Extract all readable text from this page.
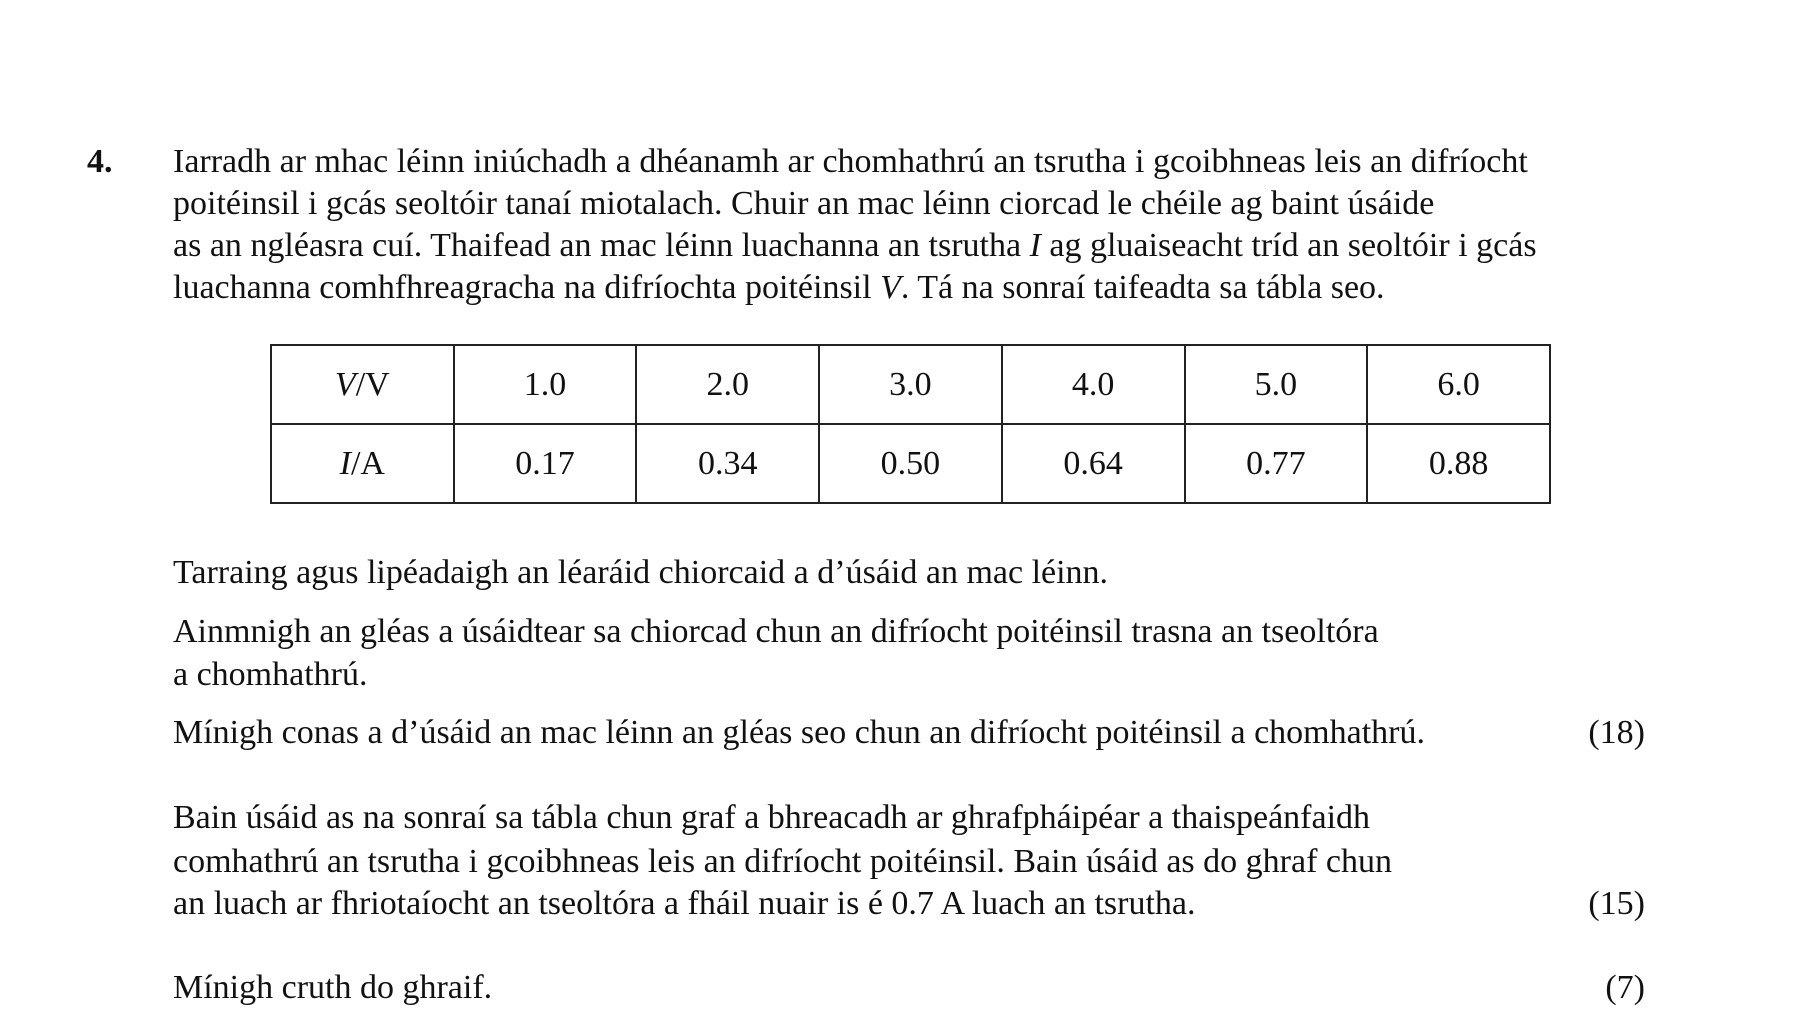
4. Iarradh ar mhac léinn iniúchadh a dhéanamh ar chomhathrú an tsrutha i gcoibhneas leis an difríocht
poitéinsil i gcás seoltóir tanaí miotalach. Chuir an mac léinn ciorcad le chéile ag baint úsáide
as an ngléasra cuí. Thaifead an mac léinn luachanna an tsrutha I ag gluaiseacht tríd an seoltóir i gcás
luachanna comhfhreagracha na difríochta poitéinsil V. Tá na sonraí taifeadta sa tábla seo.
V/V	1.0	2.0	3.0	4.0	5.0	6.0
I/A	0.17	0.34	0.50	0.64	0.77	0.88
Tarraing agus lipéadaigh an léaráid chiorcaid a d’úsáid an mac léinn.
Ainmnigh an gléas a úsáidtear sa chiorcad chun an difríocht poitéinsil trasna an tseoltóra
a chomhathrú.
Mínigh conas a d’úsáid an mac léinn an gléas seo chun an difríocht poitéinsil a chomhathrú.	(18)
Bain úsáid as na sonraí sa tábla chun graf a bhreacadh ar ghrafpháipéar a thaispeánfaidh
comhathrú an tsrutha i gcoibhneas leis an difríocht poitéinsil. Bain úsáid as do ghraf chun
an luach ar fhriotaíocht an tseoltóra a fháil nuair is é 0.7 A luach an tsrutha.	(15)
Mínigh cruth do ghraif.	(7)
